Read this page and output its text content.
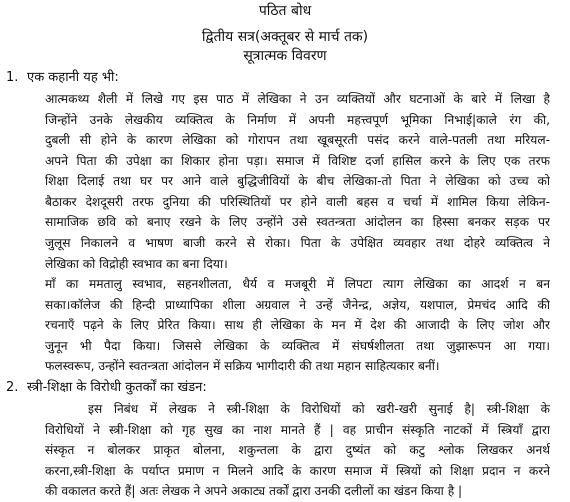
पठित बोध
द्वितीय सत्र(अक्तूबर से मार्च तक)
सूत्रात्मक विवरण
1. एक कहानी यह भी:
आत्मकथ्य शैली में लिखे गए इस पाठ में लेखिका ने उन व्यक्तियों और घटनाओं के बारे में लिखा है
जिन्होंने उनके लेखकीय व्यक्तित्व के निर्माण में अपनी महत्त्वपूर्ण भूमिका निभाई|काले रंग की,
दुबली सी होने के कारण लेखिका को गोरापन तथा खूबसूरती पसंद करने वाले-पतली तथा मरियल-
अपने पिता की उपेक्षा का शिकार होना पड़ा। समाज में विशिष्ट दर्जा हासिल करने के लिए एक तरफ
शिक्षा दिलाई तथा घर पर आने वाले बुद्धिजीवियों के बीच लेखिका-तो पिता ने लेखिका को उच्च को
बैठाकर देशदूसरी तरफ दुनिया की परिस्थितियों पर होने वाली बहस व चर्चा में शामिल किया लेकिन-
सामाजिक छवि को बनाए रखने के लिए उन्होंने उसे स्वतन्त्रता आंदोलन का हिस्सा बनकर सड़क पर
जुलूस निकालने व भाषण बाजी करने से रोका। पिता के उपेक्षित व्यवहार तथा दोहरे व्यक्तित्व ने
लेखिका को विद्रोही स्वभाव का बना दिया।
माँ का ममतालु स्वभाव, सहनशीलता, धैर्य व मजबूरी में लिपटा त्याग लेखिका का आदर्श न बन
सका।कॉलेज की हिन्दी प्राध्यापिका शीला अग्रवाल ने उन्हें जैनेन्द्र, अज्ञेय, यशपाल, प्रेमचंद आदि की
रचनाएँ पढ़ने के लिए प्रेरित किया। साथ ही लेखिका के मन में देश की आजादी के लिए जोश और
जुनून भी पैदा किया। जिससे लेखिका के व्यक्तित्व में संघर्षशीलता तथा जुझारूपन आ गया।
फलस्वरूप, उन्होंने स्वतन्त्रता आंदोलन में सक्रिय भागीदारी की तथा महान साहित्यकार बनीं।
2. स्त्री-शिक्षा के विरोधी कुतर्कों का खंडन:
इस निबंध में लेखक ने स्त्री-शिक्षा के विरोधियों को खरी-खरी सुनाई है| स्त्री-शिक्षा के
विरोधियों ने स्त्री-शिक्षा को गृह सुख का नाश मानते हैं | वह प्राचीन संस्कृति नाटकों में स्त्रियाँ द्वारा
संस्कृत न बोलकर प्राकृत बोलना, शकुन्तला के द्वारा दुष्यंत को कटु श्लोक लिखकर अनर्थ
करना,स्त्री-शिक्षा के पर्याप्त प्रमाण न मिलने आदि के कारण समाज में स्त्रियों को शिक्षा प्रदान न करने
की वकालत करते हैं| अतः लेखक ने अपने अकाट्य तर्कों द्वारा उनकी दलीलों का खंडन किया है |
